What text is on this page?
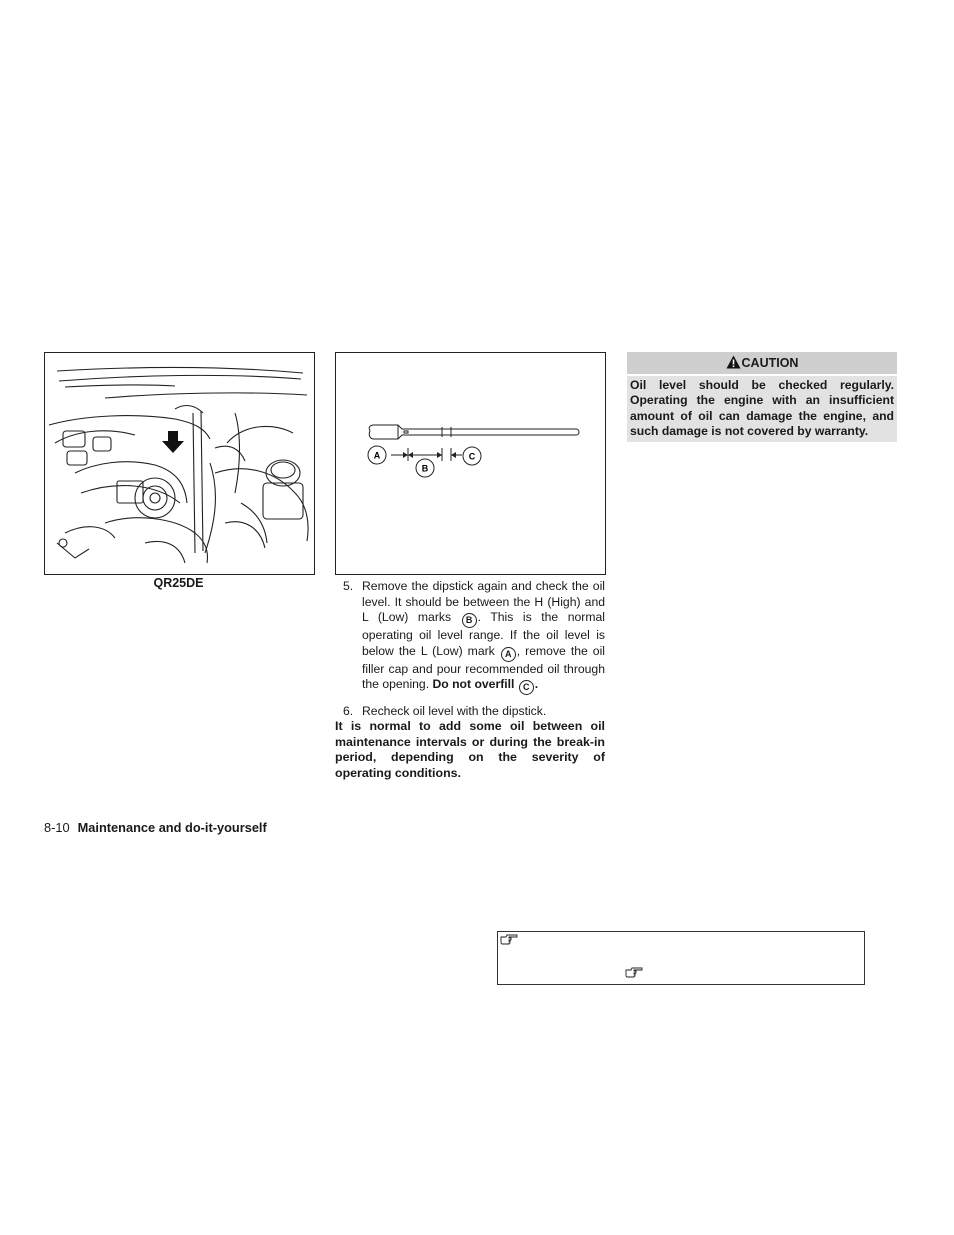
QR25DE
A
B
C
5. Remove the dipstick again and check the oil level. It should be between the H (High) and L (Low) marks B . This is the normal operating oil level range. If the oil level is below the L (Low) mark A , remove the oil filler cap and pour recommended oil through the opening. Do not overfill C .
6. Recheck oil level with the dipstick.
It is normal to add some oil between oil maintenance intervals or during the break-in period, depending on the severity of operating conditions.
CAUTION
Oil level should be checked regularly. Operating the engine with an insufficient amount of oil can damage the engine, and such damage is not covered by warranty.
8-10 Maintenance and do-it-yourself
